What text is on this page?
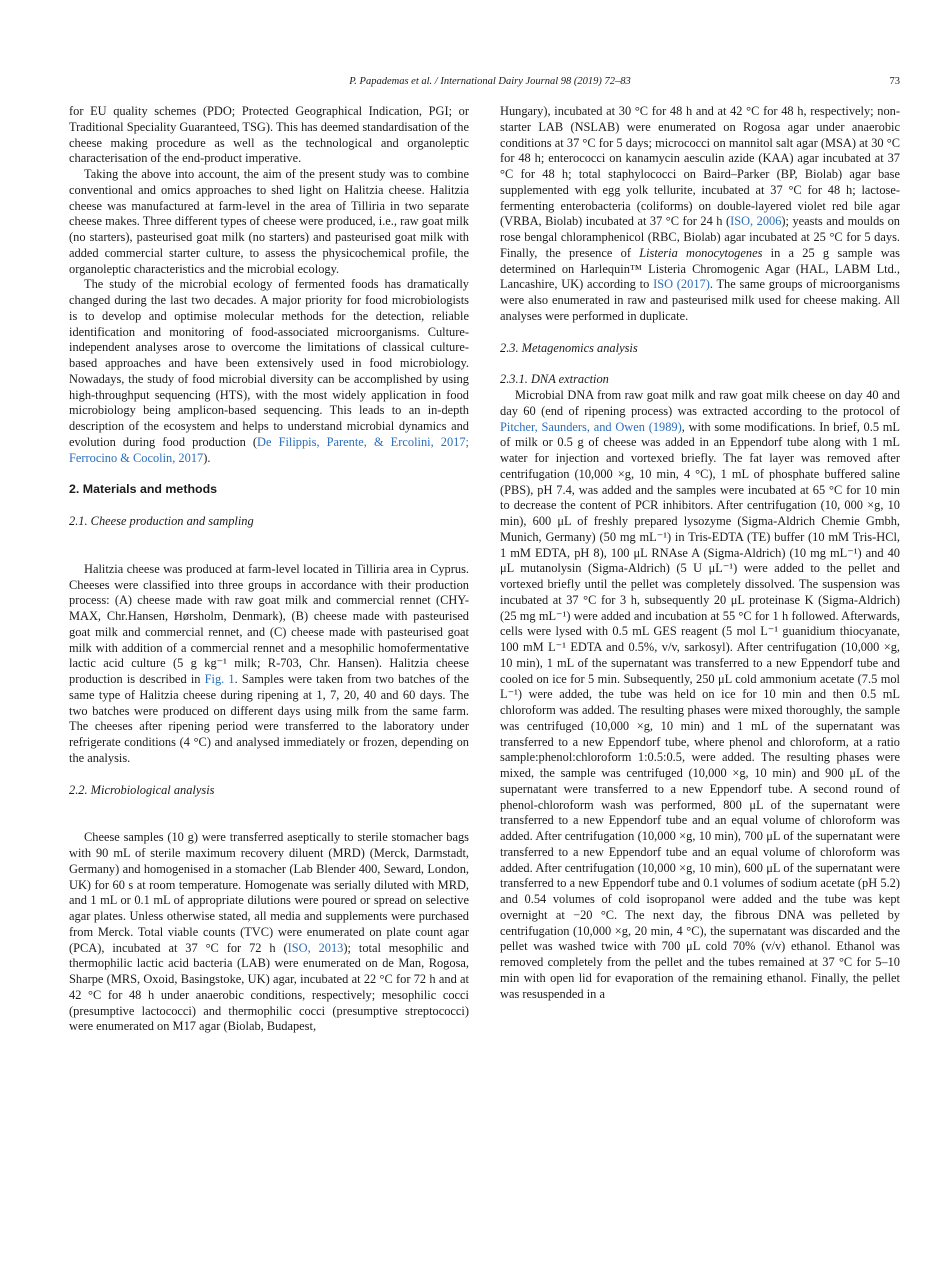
P. Papademas et al. / International Dairy Journal 98 (2019) 72–83	73

for EU quality schemes (PDO; Protected Geographical Indication, PGI; or Traditional Speciality Guaranteed, TSG). This has deemed standardisation of the cheese making procedure as well as the technological and organoleptic characterisation of the end-product imperative.

Taking the above into account, the aim of the present study was to combine conventional and omics approaches to shed light on Halitzia cheese. Halitzia cheese was manufactured at farm-level in the area of Tilliria in two separate cheese makes. Three different types of cheese were produced, i.e., raw goat milk (no starters), pasteurised goat milk (no starters) and pasteurised goat milk with added commercial starter culture, to assess the physicochemical profile, the organoleptic characteristics and the microbial ecology.

The study of the microbial ecology of fermented foods has dramatically changed during the last two decades. A major priority for food microbiologists is to develop and optimise molecular methods for the detection, reliable identification and monitoring of food-associated microorganisms. Culture-independent analyses arose to overcome the limitations of classical culture-based approaches and have been extensively used in food microbiology. Nowadays, the study of food microbial diversity can be accomplished by using high-throughput sequencing (HTS), with the most widely application in food microbiology being amplicon-based sequencing. This leads to an in-depth description of the ecosystem and helps to understand microbial dynamics and evolution during food production (De Filippis, Parente, & Ercolini, 2017; Ferrocino & Cocolin, 2017).

2. Materials and methods
2.1. Cheese production and sampling

Halitzia cheese was produced at farm-level located in Tilliria area in Cyprus. Cheeses were classified into three groups in accordance with their production process: (A) cheese made with raw goat milk and commercial rennet (CHY-MAX, Chr.Hansen, Hørsholm, Denmark), (B) cheese made with pasteurised goat milk and commercial rennet, and (C) cheese made with pasteurised goat milk with addition of a commercial rennet and a mesophilic homofermentative lactic acid culture (5 g kg⁻¹ milk; R-703, Chr. Hansen). Halitzia cheese production is described in Fig. 1. Samples were taken from two batches of the same type of Halitzia cheese during ripening at 1, 7, 20, 40 and 60 days. The two batches were produced on different days using milk from the same farm. The cheeses after ripening period were transferred to the laboratory under refrigerate conditions (4 °C) and analysed immediately or frozen, depending on the analysis.

2.2. Microbiological analysis

Cheese samples (10 g) were transferred aseptically to sterile stomacher bags with 90 mL of sterile maximum recovery diluent (MRD) (Merck, Darmstadt, Germany) and homogenised in a stomacher (Lab Blender 400, Seward, London, UK) for 60 s at room temperature. Homogenate was serially diluted with MRD, and 1 mL or 0.1 mL of appropriate dilutions were poured or spread on selective agar plates. Unless otherwise stated, all media and supplements were purchased from Merck. Total viable counts (TVC) were enumerated on plate count agar (PCA), incubated at 37 °C for 72 h (ISO, 2013); total mesophilic and thermophilic lactic acid bacteria (LAB) were enumerated on de Man, Rogosa, Sharpe (MRS, Oxoid, Basingstoke, UK) agar, incubated at 22 °C for 72 h and at 42 °C for 48 h under anaerobic conditions, respectively; mesophilic cocci (presumptive lactococci) and thermophilic cocci (presumptive streptococci) were enumerated on M17 agar (Biolab, Budapest,

Hungary), incubated at 30 °C for 48 h and at 42 °C for 48 h, respectively; non-starter LAB (NSLAB) were enumerated on Rogosa agar under anaerobic conditions at 37 °C for 5 days; micrococci on mannitol salt agar (MSA) at 30 °C for 48 h; enterococci on kanamycin aesculin azide (KAA) agar incubated at 37 °C for 48 h; total staphylococci on Baird–Parker (BP, Biolab) agar base supplemented with egg yolk tellurite, incubated at 37 °C for 48 h; lactose-fermenting enterobacteria (coliforms) on double-layered violet red bile agar (VRBA, Biolab) incubated at 37 °C for 24 h (ISO, 2006); yeasts and moulds on rose bengal chloramphenicol (RBC, Biolab) agar incubated at 25 °C for 5 days. Finally, the presence of Listeria monocytogenes in a 25 g sample was determined on Harlequin™ Listeria Chromogenic Agar (HAL, LABM Ltd., Lancashire, UK) according to ISO (2017). The same groups of microorganisms were also enumerated in raw and pasteurised milk used for cheese making. All analyses were performed in duplicate.

2.3. Metagenomics analysis
2.3.1. DNA extraction

Microbial DNA from raw goat milk and raw goat milk cheese on day 40 and day 60 (end of ripening process) was extracted according to the protocol of Pitcher, Saunders, and Owen (1989), with some modifications. In brief, 0.5 mL of milk or 0.5 g of cheese was added in an Eppendorf tube along with 1 mL water for injection and vortexed briefly. The fat layer was removed after centrifugation (10,000 ×g, 10 min, 4 °C), 1 mL of phosphate buffered saline (PBS), pH 7.4, was added and the samples were incubated at 65 °C for 10 min to decrease the content of PCR inhibitors. After centrifugation (10, 000 ×g, 10 min), 600 μL of freshly prepared lysozyme (Sigma-Aldrich Chemie Gmbh, Munich, Germany) (50 mg mL⁻¹) in Tris-EDTA (TE) buffer (10 mM Tris-HCl, 1 mM EDTA, pH 8), 100 μL RNAse A (Sigma-Aldrich) (10 mg mL⁻¹) and 40 μL mutanolysin (Sigma-Aldrich) (5 U μL⁻¹) were added to the pellet and vortexed briefly until the pellet was completely dissolved. The suspension was incubated at 37 °C for 3 h, subsequently 20 μL proteinase K (Sigma-Aldrich) (25 mg mL⁻¹) were added and incubation at 55 °C for 1 h followed. Afterwards, cells were lysed with 0.5 mL GES reagent (5 mol L⁻¹ guanidium thiocyanate, 100 mM L⁻¹ EDTA and 0.5%, v/v, sarkosyl). After centrifugation (10,000 ×g, 10 min), 1 mL of the supernatant was transferred to a new Eppendorf tube and cooled on ice for 5 min. Subsequently, 250 μL cold ammonium acetate (7.5 mol L⁻¹) were added, the tube was held on ice for 10 min and then 0.5 mL chloroform was added. The resulting phases were mixed thoroughly, the sample was centrifuged (10,000 ×g, 10 min) and 1 mL of the supernatant was transferred to a new Eppendorf tube, where phenol and chloroform, at a ratio sample:phenol:chloroform 1:0.5:0.5, were added. The resulting phases were mixed, the sample was centrifuged (10,000 ×g, 10 min) and 900 μL of the supernatant were transferred to a new Eppendorf tube. A second round of phenol-chloroform wash was performed, 800 μL of the supernatant were transferred to a new Eppendorf tube and an equal volume of chloroform was added. After centrifugation (10,000 ×g, 10 min), 700 μL of the supernatant were transferred to a new Eppendorf tube and an equal volume of chloroform was added. After centrifugation (10,000 ×g, 10 min), 600 μL of the supernatant were transferred to a new Eppendorf tube and 0.1 volumes of sodium acetate (pH 5.2) and 0.54 volumes of cold isopropanol were added and the tube was kept overnight at −20 °C. The next day, the fibrous DNA was pelleted by centrifugation (10,000 ×g, 20 min, 4 °C), the supernatant was discarded and the pellet was washed twice with 700 μL cold 70% (v/v) ethanol. Ethanol was removed completely from the pellet and the tubes remained at 37 °C for 5–10 min with open lid for evaporation of the remaining ethanol. Finally, the pellet was resuspended in a
